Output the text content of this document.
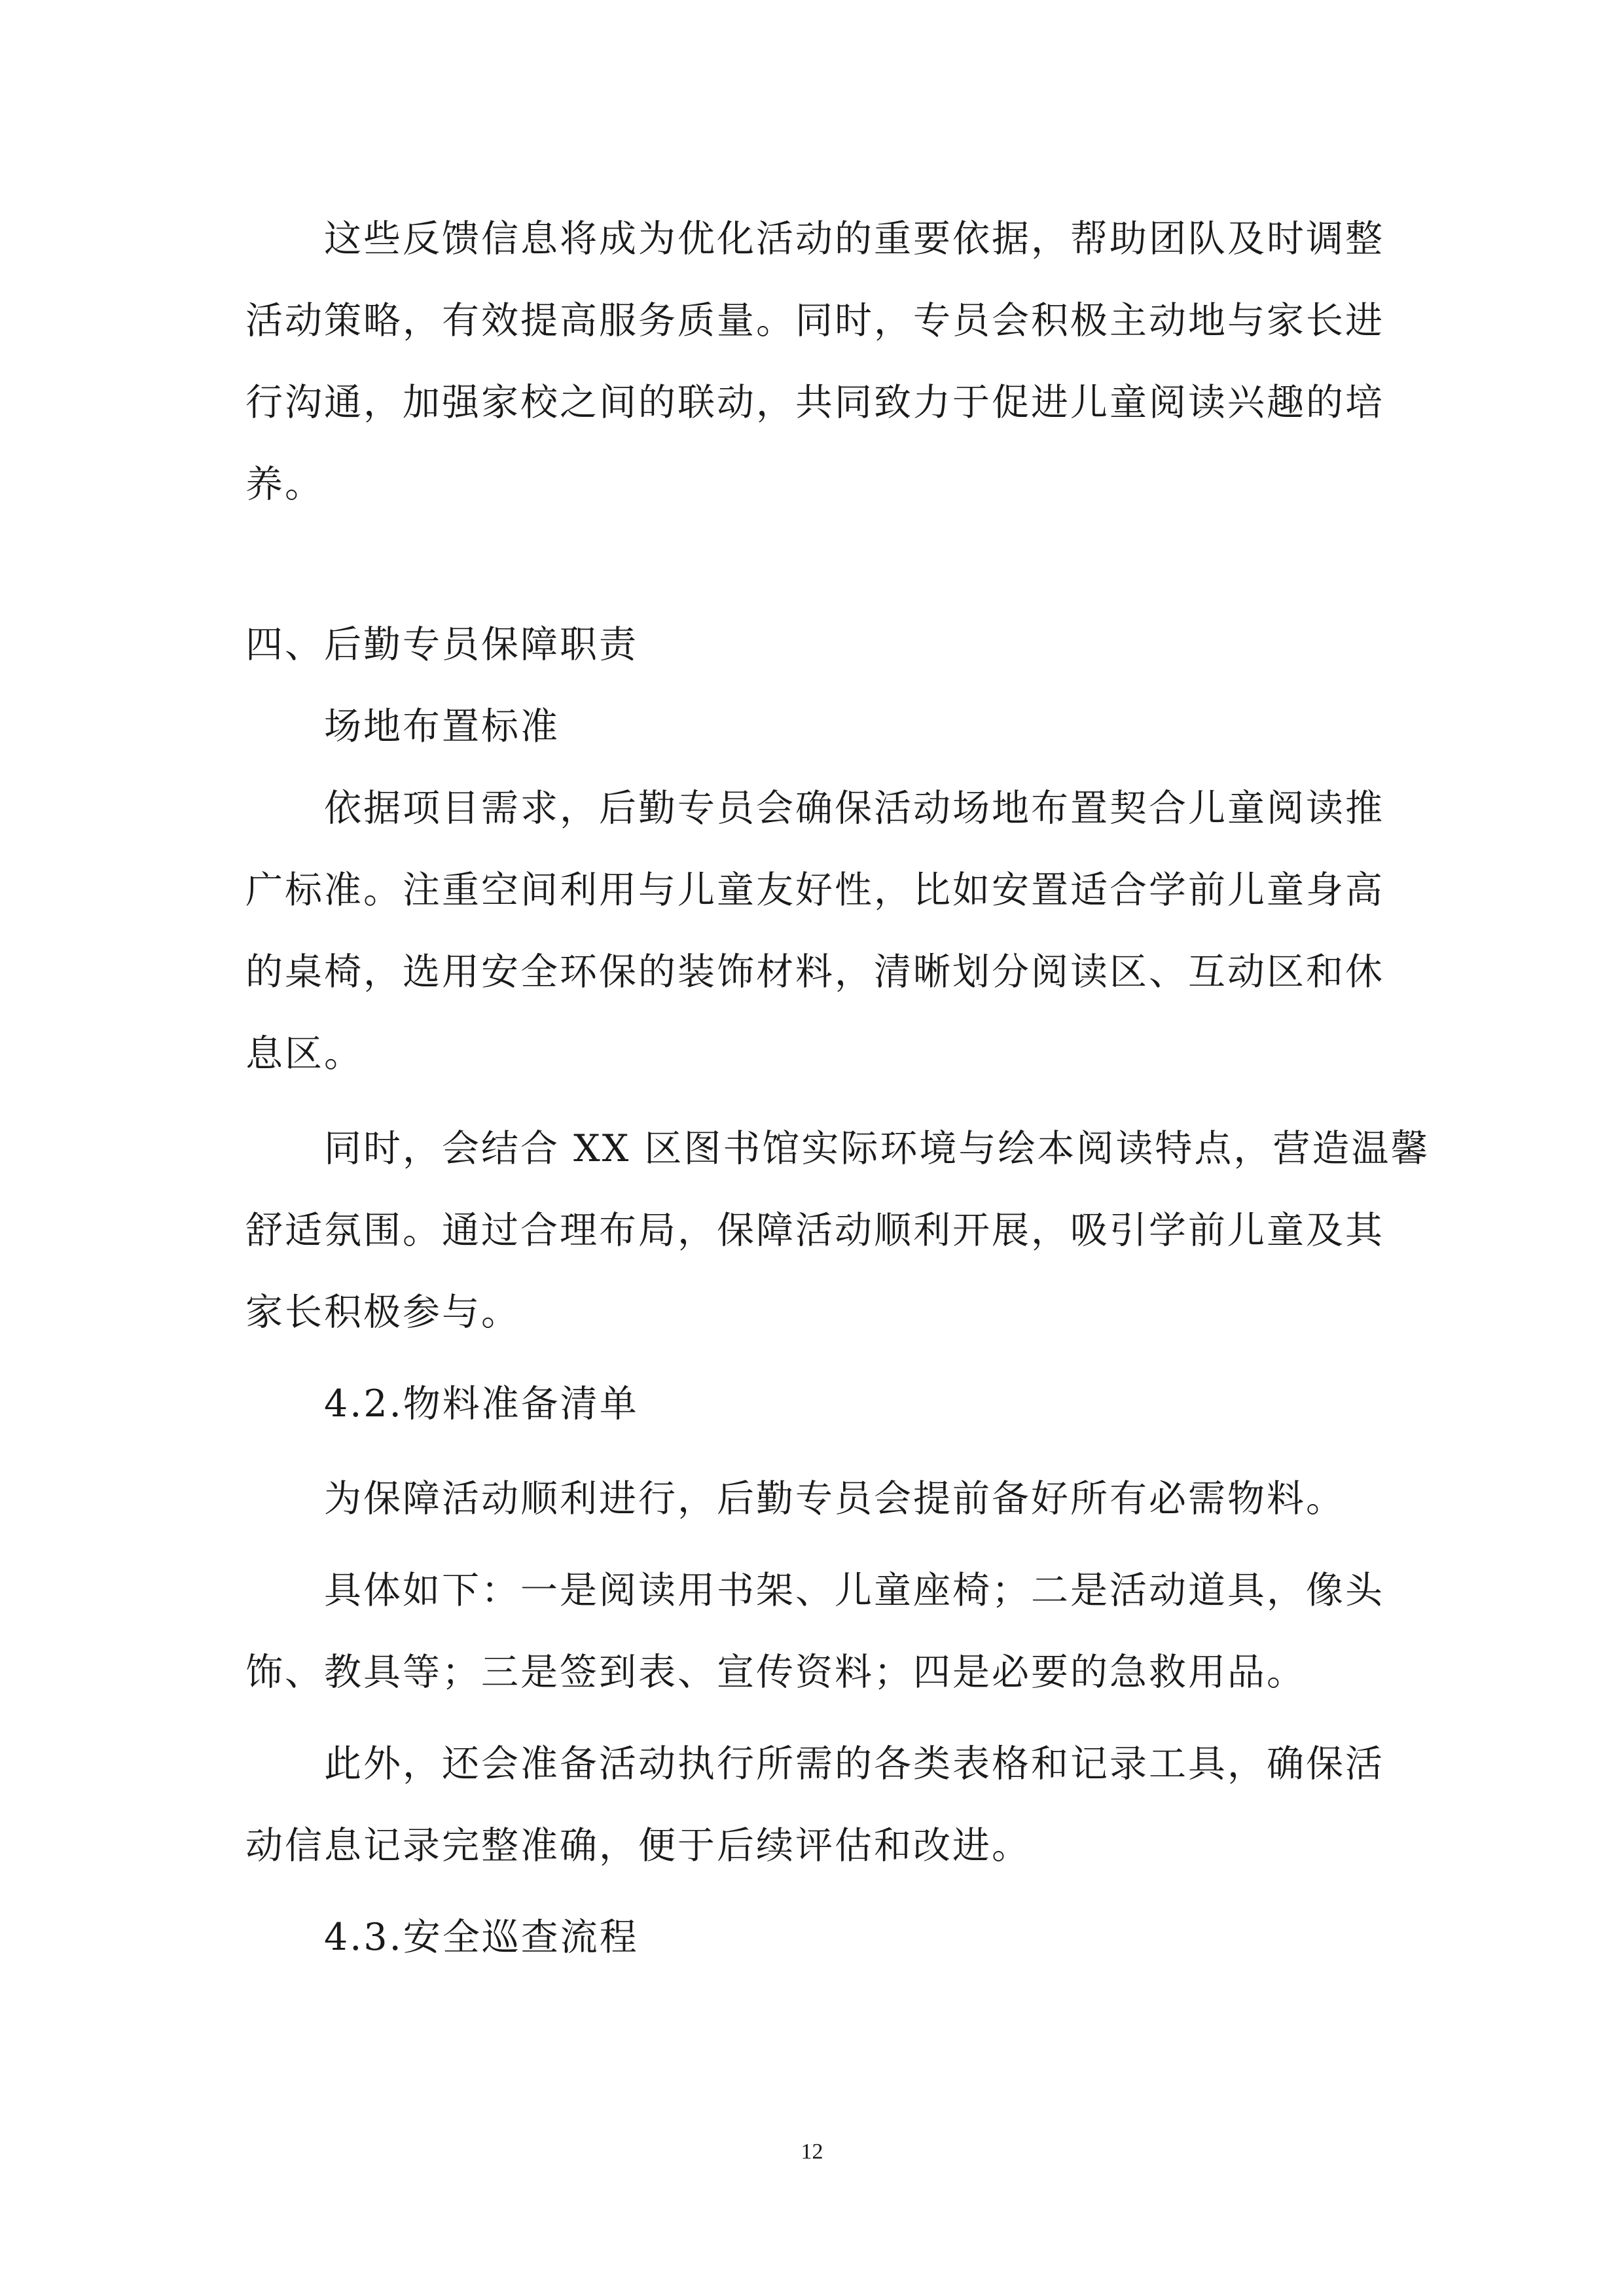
这些反馈信息将成为优化活动的重要依据，帮助团队及时调整
活动策略，有效提高服务质量。同时，专员会积极主动地与家长进
行沟通，加强家校之间的联动，共同致力于促进儿童阅读兴趣的培
养。
四、后勤专员保障职责
场地布置标准
依据项目需求，后勤专员会确保活动场地布置契合儿童阅读推
广标准。注重空间利用与儿童友好性，比如安置适合学前儿童身高
的桌椅，选用安全环保的装饰材料，清晰划分阅读区、互动区和休
息区。
同时，会结合 XX 区图书馆实际环境与绘本阅读特点，营造温馨
舒适氛围。通过合理布局，保障活动顺利开展，吸引学前儿童及其
家长积极参与。
4.2.物料准备清单
为保障活动顺利进行，后勤专员会提前备好所有必需物料。
具体如下：一是阅读用书架、儿童座椅；二是活动道具，像头
饰、教具等；三是签到表、宣传资料；四是必要的急救用品。
此外，还会准备活动执行所需的各类表格和记录工具，确保活
动信息记录完整准确，便于后续评估和改进。
4.3.安全巡查流程
12
